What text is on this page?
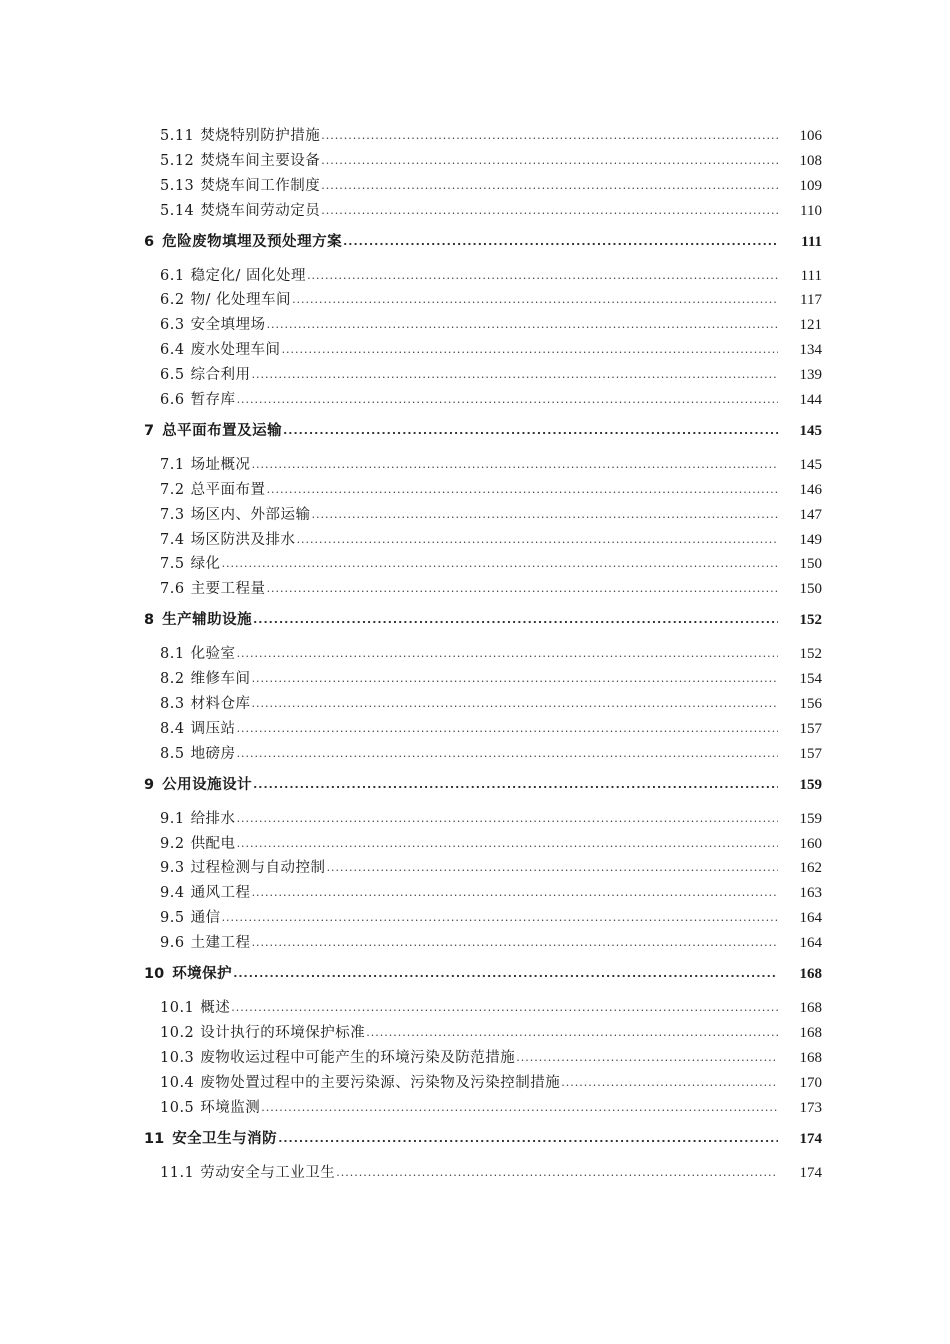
5.11 焚烧特别防护措施 .....	106
5.12 焚烧车间主要设备 .....	108
5.13 焚烧车间工作制度 .....	109
5.14 焚烧车间劳动定员 .....	110
6 危险废物填埋及预处理方案 .....	111
6.1 稳定化/ 固化处理 .....	111
6.2 物/ 化处理车间 .....	117
6.3 安全填埋场 .....	121
6.4 废水处理车间 .....	134
6.5 综合利用 .....	139
6.6 暂存库 .....	144
7 总平面布置及运输 .....	145
7.1 场址概况 .....	145
7.2 总平面布置 .....	146
7.3 场区内、外部运输 .....	147
7.4 场区防洪及排水 .....	149
7.5 绿化 .....	150
7.6 主要工程量 .....	150
8 生产辅助设施 .....	152
8.1 化验室 .....	152
8.2 维修车间 .....	154
8.3 材料仓库 .....	156
8.4 调压站 .....	157
8.5 地磅房 .....	157
9 公用设施设计 .....	159
9.1 给排水 .....	159
9.2 供配电 .....	160
9.3 过程检测与自动控制 .....	162
9.4 通风工程 .....	163
9.5 通信 .....	164
9.6 土建工程 .....	164
10 环境保护 .....	168
10.1 概述 .....	168
10.2 设计执行的环境保护标准 .....	168
10.3 废物收运过程中可能产生的环境污染及防范措施 .....	168
10.4 废物处置过程中的主要污染源、污染物及污染控制措施 .....	170
10.5 环境监测 .....	173
11 安全卫生与消防 .....	174
11.1 劳动安全与工业卫生 .....	174
